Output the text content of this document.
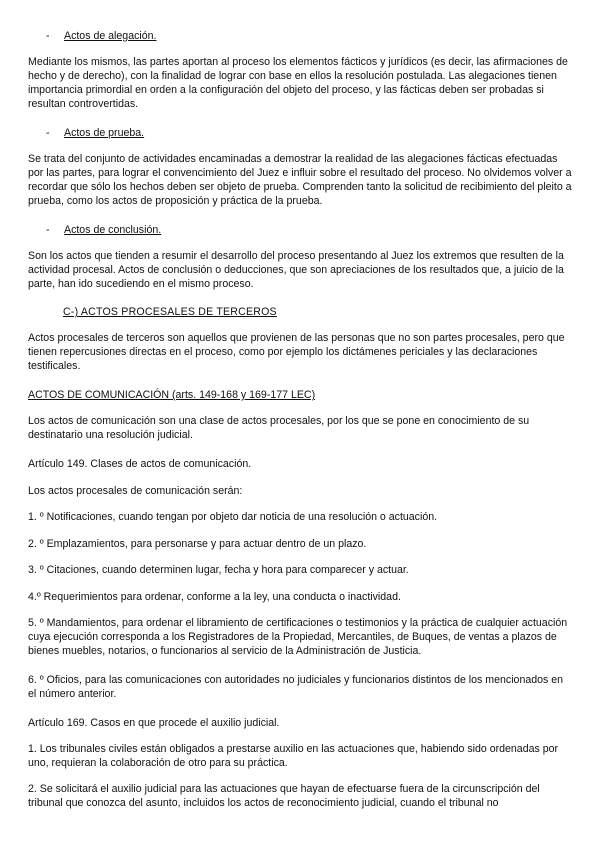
- Actos de alegación.

Mediante los mismos, las partes aportan al proceso los elementos fácticos y jurídicos (es decir, las afirmaciones de hecho y de derecho), con la finalidad de lograr con base en ellos la resolución postulada. Las alegaciones tienen importancia primordial en orden a la configuración del objeto del proceso, y las fácticas deben ser probadas si resultan controvertidas.

- Actos de prueba.

Se trata del conjunto de actividades encaminadas a demostrar la realidad de las alegaciones fácticas efectuadas por las partes, para lograr el convencimiento del Juez e influir sobre el resultado del proceso. No olvidemos volver a recordar que sólo los hechos deben ser objeto de prueba. Comprenden tanto la solicitud de recibimiento del pleito a prueba, como los actos de proposición y práctica de la prueba.

- Actos de conclusión.

Son los actos que tienden a resumir el desarrollo del proceso presentando al Juez los extremos que resulten de la actividad procesal. Actos de conclusión o deducciones, que son apreciaciones de los resultados que, a juicio de la parte, han ido sucediendo en el mismo proceso.

C-) ACTOS PROCESALES DE TERCEROS

Actos procesales de terceros son aquellos que provienen de las personas que no son partes procesales, pero que tienen repercusiones directas en el proceso, como por ejemplo los dictámenes periciales y las declaraciones testificales.

ACTOS DE COMUNICACIÓN (arts. 149-168 y 169-177 LEC)

Los actos de comunicación son una clase de actos procesales, por los que se pone en conocimiento de su destinatario una resolución judicial.

Artículo 149. Clases de actos de comunicación.

Los actos procesales de comunicación serán:

1. º Notificaciones, cuando tengan por objeto dar noticia de una resolución o actuación.

2. º Emplazamientos, para personarse y para actuar dentro de un plazo.

3. º Citaciones, cuando determinen lugar, fecha y hora para comparecer y actuar.

4.º Requerimientos para ordenar, conforme a la ley, una conducta o inactividad.

5. º Mandamientos, para ordenar el libramiento de certificaciones o testimonios y la práctica de cualquier actuación cuya ejecución corresponda a los Registradores de la Propiedad, Mercantiles, de Buques, de ventas a plazos de bienes muebles, notarios, o funcionarios al servicio de la Administración de Justicia.

6. º Oficios, para las comunicaciones con autoridades no judiciales y funcionarios distintos de los mencionados en el número anterior.

Artículo 169. Casos en que procede el auxilio judicial.

1. Los tribunales civiles están obligados a prestarse auxilio en las actuaciones que, habiendo sido ordenadas por uno, requieran la colaboración de otro para su práctica.

2. Se solicitará el auxilio judicial para las actuaciones que hayan de efectuarse fuera de la circunscripción del tribunal que conozca del asunto, incluidos los actos de reconocimiento judicial, cuando el tribunal no
